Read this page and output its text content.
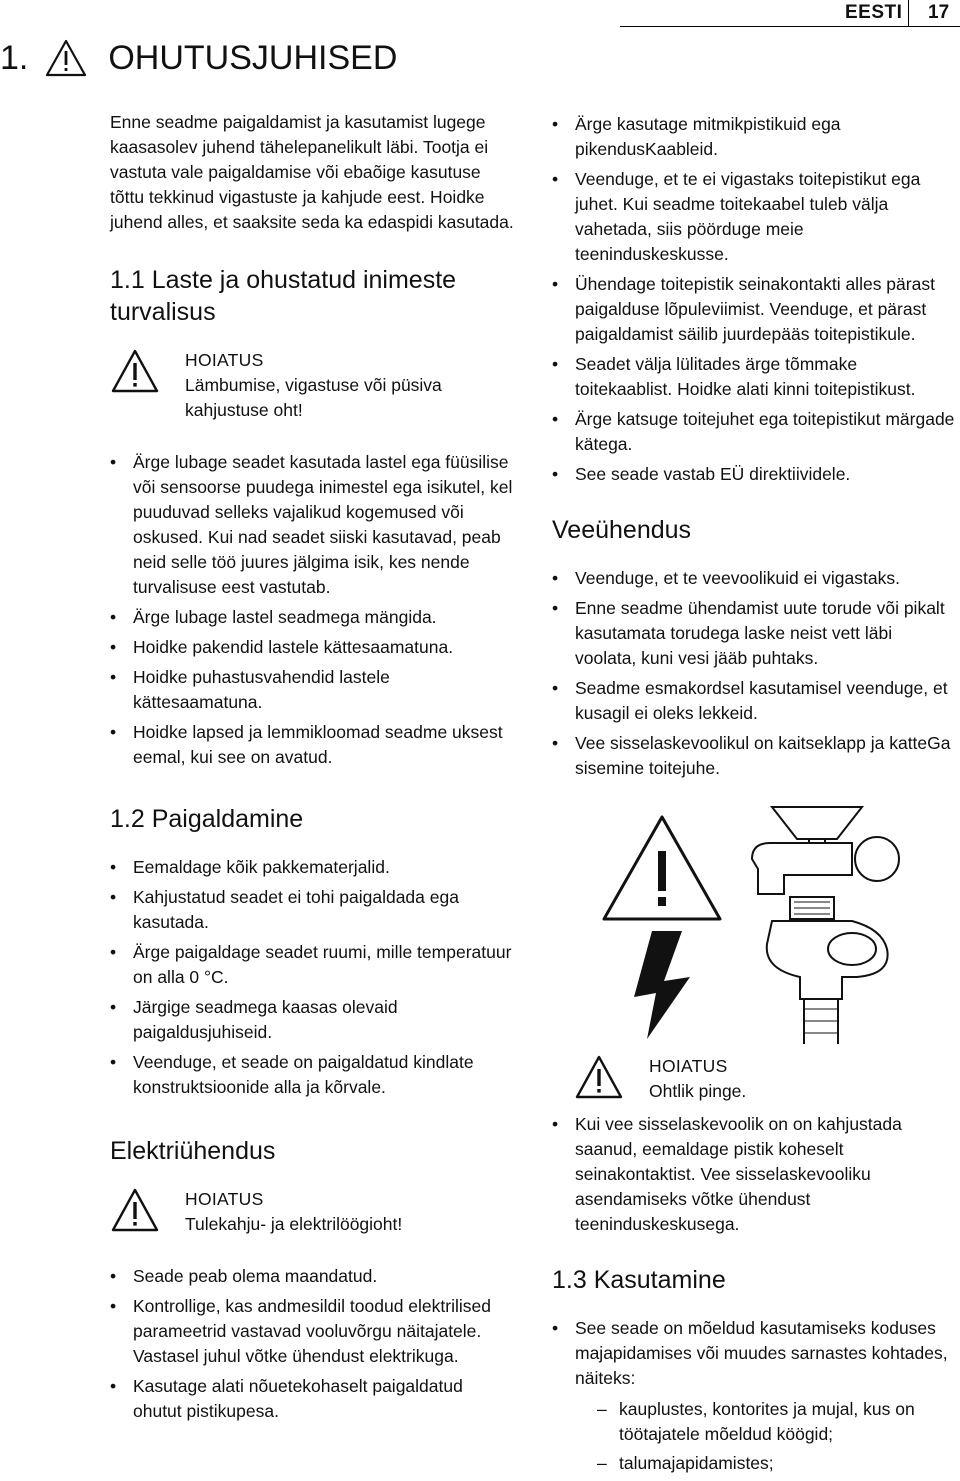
EESTI 17
1. OHUTUSJUHISED

Enne seadme paigaldamist ja kasutamist lugege kaasasolev juhend tähelepanelikult läbi. Tootja ei vastuta vale paigaldamise või ebaõige kasutuse tõttu tekkinud vigastuste ja kahjude eest. Hoidke juhend alles, et saaksite seda ka edaspidi kasutada.

1.1 Laste ja ohustatud inimeste turvalisus
HOIATUS
Lämbumise, vigastuse või püsiva kahjustuse oht!
• Ärge lubage seadet kasutada lastel ega füüsilise või sensoorse puudega inimestel ega isikutel, kel puuduvad selleks vajalikud kogemused või oskused. Kui nad seadet siiski kasutavad, peab neid selle töö juures jälgima isik, kes nende turvalisuse eest vastutab.
• Ärge lubage lastel seadmega mängida.
• Hoidke pakendid lastele kättesaamatuna.
• Hoidke puhastusvahendid lastele kättesaamatuna.
• Hoidke lapsed ja lemmikloomad seadme uksest eemal, kui see on avatud.
1.2 Paigaldamine
• Eemaldage kõik pakkematerjalid.
• Kahjustatud seadet ei tohi paigaldada ega kasutada.
• Ärge paigaldage seadet ruumi, mille temperatuur on alla 0 °C.
• Järgige seadmega kaasas olevaid paigaldusjuhiseid.
• Veenduge, et seade on paigaldatud kindlate konstruktsioonide alla ja kõrvale.
Elektriühendus
HOIATUS
Tulekahju- ja elektrilöögioht!
• Seade peab olema maandatud.
• Kontrollige, kas andmesildil toodud elektrilised parameetrid vastavad vooluvõrgu näitajatele. Vastasel juhul võtke ühendust elektrikuga.
• Kasutage alati nõuetekohaselt paigaldatud ohutut pistikupesa.
• Ärge kasutage mitmikpistikuid ega pikendusKaableid.
• Veenduge, et te ei vigastaks toitepistikut ega juhet. Kui seadme toitekaabel tuleb välja vahetada, siis pöörduge meie teeninduskeskusse.
• Ühendage toitepistik seinakontakti alles pärast paigalduse lõpuleviimist. Veenduge, et pärast paigaldamist säilib juurdepääs toitepistikule.
• Seadet välja lülitades ärge tõmmake toitekaablist. Hoidke alati kinni toitepistikust.
• Ärge katsuge toitejuhet ega toitepistikut märgade kätega.
• See seade vastab EÜ direktiividele.
Veeühendus
• Veenduge, et te veevoolikuid ei vigastaks.
• Enne seadme ühendamist uute torude või pikalt kasutamata torudega laske neist vett läbi voolata, kuni vesi jääb puhtaks.
• Seadme esmakordsel kasutamisel veenduge, et kusagil ei oleks lekkeid.
• Vee sisselaskevoolikul on kaitseklapp ja katteGa sisemine toitejuhe.
HOIATUS
Ohtlik pinge.
• Kui vee sisselaskevoolik on on kahjustada saanud, eemaldage pistik koheselt seinakontaktist. Vee sisselaskevooliku asendamiseks võtke ühendust teeninduskeskusega.
1.3 Kasutamine
• See seade on mõeldud kasutamiseks koduses majapidamises või muudes sarnastes kohtades, näiteks:
– kauplustes, kontorites ja mujal, kus on töötajatele mõeldud köögid;
– talumajapidamistes;
